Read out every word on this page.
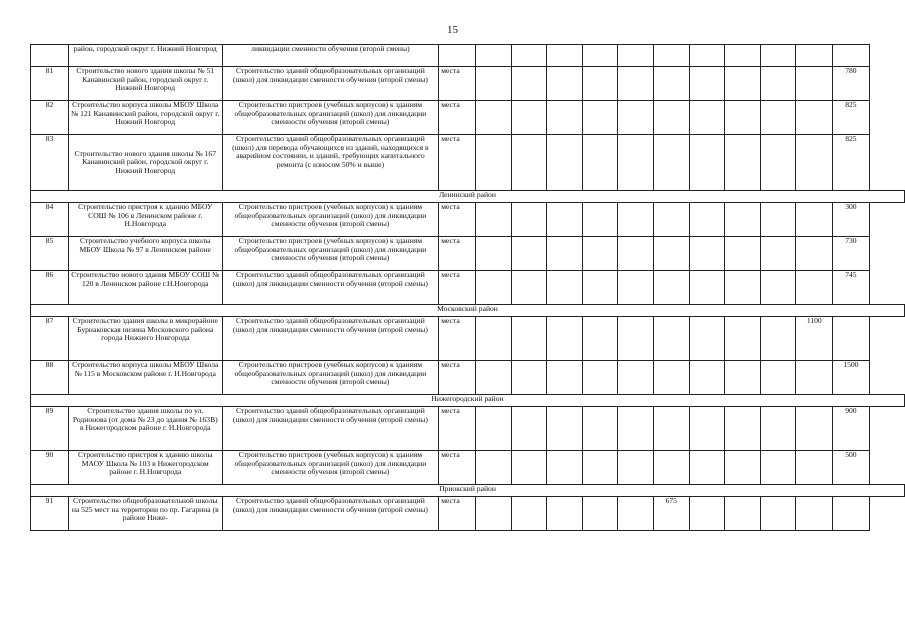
15
	район, городской округ г. Нижний Новгород	ликвидации сменности обучения (второй смены)												
81	Строительство нового здания школы № 51 Канавинский район, городской округ г. Нижний Новгород	Строительство зданий общеобразовательных организаций (школ) для ликвидации сменности обучения (второй смены)	места											780
82	Строительство корпуса школы МБОУ Школа № 121 Канавинский район, городской округ г. Нижний Новгород	Строительство пристроев (учебных корпусов) к зданиям общеобразовательных организаций (школ) для ликвидации сменности обучения (второй смены)	места											825
83	Строительство нового здания школы № 167 Канавинский район, городской округ г. Нижний Новгород	Строительство зданий общеобразовательных организаций (школ) для перевода обучающихся из зданий, находящихся в аварийном состоянии, и зданий, требующих капитального ремонта (с износом 50% и выше)	места											825
Ленинский район														
84	Строительство пристроя к зданию МБОУ СОШ № 106 в Ленинском районе г. Н.Новгорода	Строительство пристроев (учебных корпусов) к зданиям общеобразовательных организаций (школ) для ликвидации сменности обучения (второй смены)	места											300
85	Строительство учебного корпуса школы МБОУ Школа № 97 в Ленинском районе	Строительство пристроев (учебных корпусов) к зданиям общеобразовательных организаций (школ) для ликвидации сменности обучения (второй смены)	места											730
86	Строительство нового здания МБОУ СОШ № 120 в Ленинском районе г.Н.Новгорода	Строительство зданий общеобразовательных организаций (школ) для ликвидации сменности обучения (второй смены)	места											745
Московский район														
87	Строительство здания школы в микрорайоне Бурнаковская низина Московского района города Нижнего Новгорода	Строительство зданий общеобразовательных организаций (школ) для ликвидации сменности обучения (второй смены)	места										1100	
88	Строительство корпуса школы МБОУ Школа № 115 в Московском районе г. Н.Новгорода	Строительство пристроев (учебных корпусов) к зданиям общеобразовательных организаций (школ) для ликвидации сменности обучения (второй смены)	места											1500
Нижегородский район														
89	Строительство здания школы по ул. Родионова (от дома № 23 до здания № 163В) в Нижегородском районе г. Н.Новгорода	Строительство зданий общеобразовательных организаций (школ) для ликвидации сменности обучения (второй смены)	места											900
90	Строительство пристроя к зданию школы МАОУ Школа № 103 в Нижегородском районе г. Н.Новгорода	Строительство пристроев (учебных корпусов) к зданиям общеобразовательных организаций (школ) для ликвидации сменности обучения (второй смены)	места											500
Приокский район														
91	Строительство общеобразовательной школы на 525 мест на территории по пр. Гагарина (в районе Ниже-	Строительство зданий общеобразовательных организаций (школ) для ликвидации сменности обучения (второй смены)	места						675					
